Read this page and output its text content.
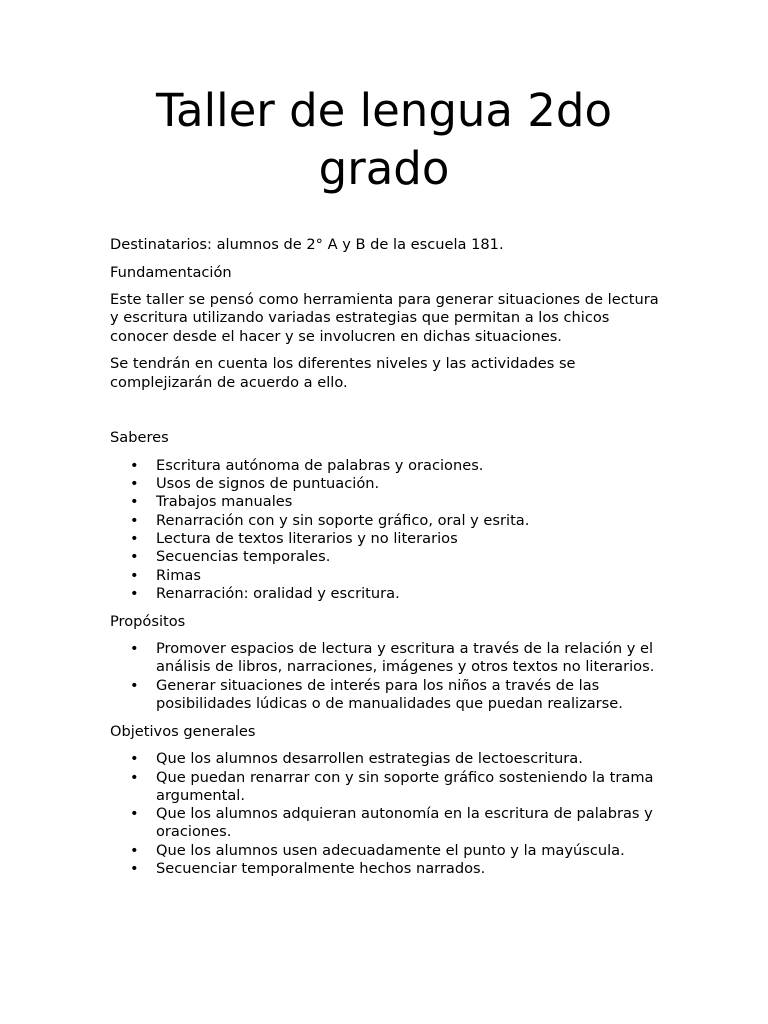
Taller de lengua 2do
grado

Destinatarios: alumnos de 2° A y B de la escuela 181.

Fundamentación

Este taller se pensó como herramienta para generar situaciones de lectura y escritura utilizando variadas estrategias que permitan a los chicos conocer desde el hacer y se involucren en dichas situaciones.

Se tendrán en cuenta los diferentes niveles y las actividades se complejizarán de acuerdo a ello.

Saberes

• Escritura autónoma de palabras y oraciones.
• Usos de signos de puntuación.
• Trabajos manuales
• Renarración con y sin soporte gráfico, oral y esrita.
• Lectura de textos literarios y no literarios
• Secuencias temporales.
• Rimas
• Renarración: oralidad y escritura.

Propósitos

• Promover espacios de lectura y escritura a través de la relación y el análisis de libros, narraciones, imágenes y otros textos no literarios.
• Generar situaciones de interés para los niños a través de las posibilidades lúdicas o de manualidades que puedan realizarse.

Objetivos generales

• Que los alumnos desarrollen estrategias de lectoescritura.
• Que puedan renarrar con y sin soporte gráfico sosteniendo la trama argumental.
• Que los alumnos adquieran autonomía en la escritura de palabras y oraciones.
• Que los alumnos usen adecuadamente el punto y la mayúscula.
• Secuenciar temporalmente hechos narrados.
